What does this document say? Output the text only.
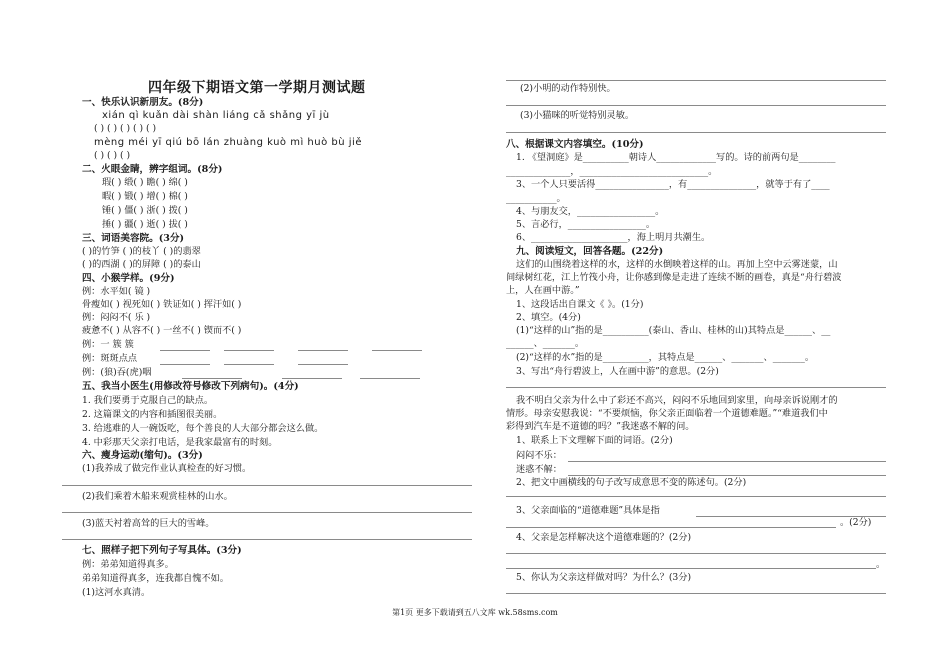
四年级下期语文第一学期月测试题
一、快乐认识新朋友。(8分)
xián qì kuǎn dài shàn liáng cǎ shǎng yī jù
( ) ( ) ( ) ( ) ( )
mèng méi yī qiú bō lán zhuàng kuò mì huò bù jiě
( ) ( ) ( )
二、火眼金睛，辨字组词。(8分)
瑕( ) 缎( ) 瞻( ) 绵( )
暇( ) 锻( ) 增( ) 棉( )
锤( ) 僵( ) 浙( ) 拨( )
捶( ) 疆( ) 逝( ) 拔( )
三、词语美容院。(3分)
( )的竹笋 ( )的枝丫 ( )的翡翠
( )的西湖 ( )的屏障 ( )的泰山
四、小猴学样。(9分)
例：水平如( 镜 )
骨瘦如( ) 视死如( ) 铁证如( ) 挥汗如( )
例：闷闷不( 乐 )
疲惫不( ) 从容不( ) 一丝不( ) 锲而不( )
例：一 簇 簇
例：斑斑点点
例：(狼)吞(虎)咽
五、我当小医生(用修改符号修改下列病句)。(4分)
1. 我们要勇于克服自己的缺点。
2. 这篇课文的内容和插图很美丽。
3. 给逃难的人一碗饭吃，每个善良的人大部分都会这么做。
4. 中彩那天父亲打电话，是我家最富有的时刻。
六、瘦身运动(缩句)。(3分)
(1)我养成了做完作业认真检查的好习惯。
(2)我们乘着木船来观赏桂林的山水。
(3)蓝天衬着高耸的巨大的雪峰。
七、照样子把下列句子写具体。(3分)
例：弟弟知道得真多。
弟弟知道得真多，连我都自愧不如。
(1)这河水真清。
(2)小明的动作特别快。
(3)小猫咪的听觉特别灵敏。
八、根据课文内容填空。(10分)
1. 《望洞庭》是__________朝诗人_____________写的。诗的前两句是________
______________，____________________________。
3、一个人只要活得________________，有_______________，就等于有了____
___________。
4、与朋友交，_________________。
5、言必行，_________________。
6、_____________________，海上明月共潮生。
九、阅读短文，回答各题。(22分)
这们的山围绕着这样的水，这样的水倒映着这样的山。再加上空中云雾迷蒙，山
间绿树红花，江上竹筏小舟，让你感到像是走进了连续不断的画卷，真是“舟行碧波
上，人在画中游。”
1、这段话出自课文《 》。(1分)
2、填空。(4分)
(1)“这样的山”指的是__________(泰山、香山、桂林的山)其特点是______、__
______、_______。
(2)“这样的水”指的是__________，其特点是______、_______、_______。
3、写出“舟行碧波上，人在画中游”的意思。(2分)
我不明白父亲为什么中了彩还不高兴，闷闷不乐地回到家里，向母亲诉说刚才的
情形。母亲安慰我说：“不要烦恼，你父亲正面临着一个道德难题。”“难道我们中
彩得到汽车是不道德的吗？”我迷惑不解的问。
1、联系上下文理解下面的词语。(2分)
闷闷不乐：
迷惑不解：
2、把文中画横线的句子改写成意思不变的陈述句。(2分)
3、父亲面临的“道德难题”具体是指
。(2分)
4、父亲是怎样解决这个道德难题的？(2分)
。
5、你认为父亲这样做对吗？为什么？(3分)
第1页 更多下载请到五八文库 wk.58sms.com
